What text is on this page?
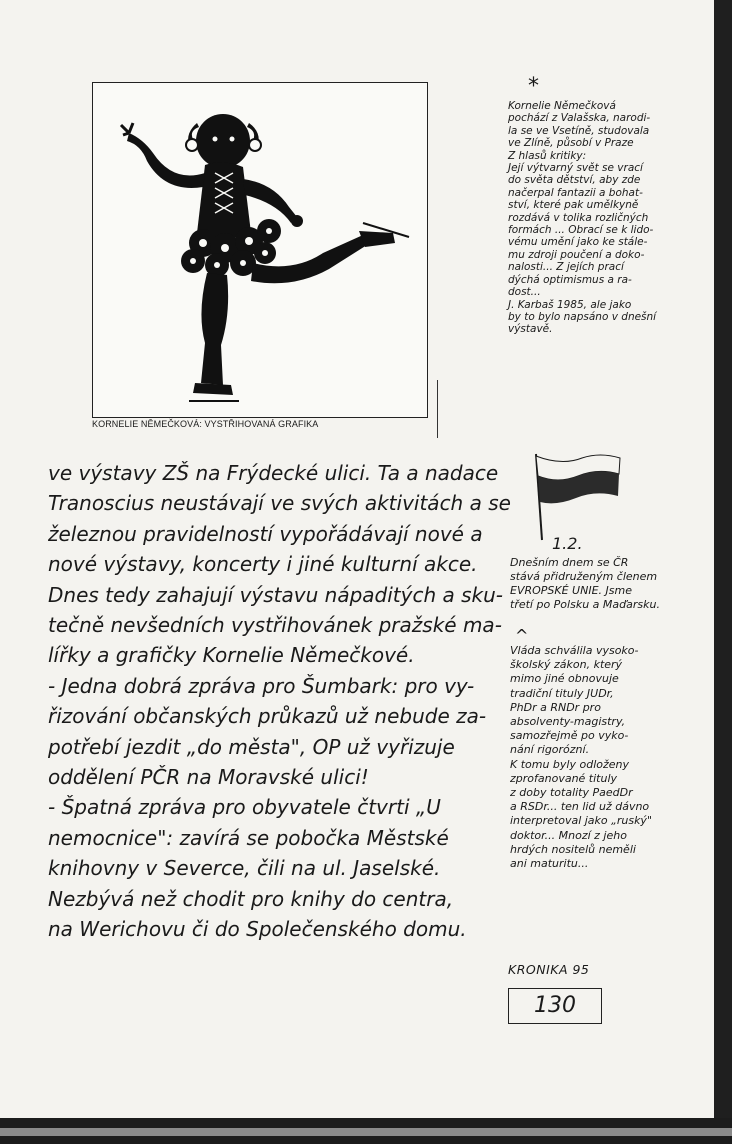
KORNELIE NĚMEČKOVÁ: VYSTŘIHOVANÁ GRAFIKA
*

Kornelie Němečková

pochází z Valašska, narodi-

la se ve Vsetíně, studovala

ve Zlíně, působí v Praze

Z hlasů kritiky:

Její výtvarný svět se vrací

do světa dětství, aby zde

načerpal fantazii a bohat-

ství, které pak umělkyně

rozdává v tolika rozličných

formách ... Obrací se k lido-

vému umění jako ke stále-

mu zdroji poučení a doko-

nalosti... Z jejích prací

dýchá optimismus a ra-

dost...

J. Karbaš 1985, ale jako

by to bylo napsáno v dnešní

výstavě.

ve výstavy ZŠ na Frýdecké ulici. Ta a nadace
Tranoscius neustávají ve svých aktivitách a se
železnou pravidelností vypořádávají nové a
nové výstavy, koncerty i jiné kulturní akce.
Dnes tedy zahajují výstavu nápaditých a sku-
tečně nevšedních vystřihovánek pražské ma-
lířky a grafičky Kornelie Němečkové.
- Jedna dobrá zpráva pro Šumbark: pro vy-
řizování občanských průkazů už nebude za-
potřebí jezdit „do města", OP už vyřizuje
oddělení PČR na Moravské ulici!
- Špatná zpráva pro obyvatele čtvrti „U
nemocnice": zavírá se pobočka Městské
knihovny v Severce, čili na ul. Jaselské.
Nezbývá než chodit pro knihy do centra,
na Werichovu či do Společenského domu.
1.2.

Dnešním dnem se ČR

stává přidruženým členem

EVROPSKÉ UNIE. Jsme

třetí po Polsku a Maďarsku.

^

Vláda schválila vysoko-

školský zákon, který

mimo jiné obnovuje

tradiční tituly JUDr,

PhDr a RNDr pro

absolventy-magistry,

samozřejmě po vyko-

nání rigorózní.

K tomu byly odloženy

zprofanované tituly

z doby totality PaedDr

a RSDr... ten lid už dávno

interpretoval jako „ruský"

doktor... Mnozí z jeho

hrdých nositelů neměli

ani maturitu...

KRONIKA 95
130
